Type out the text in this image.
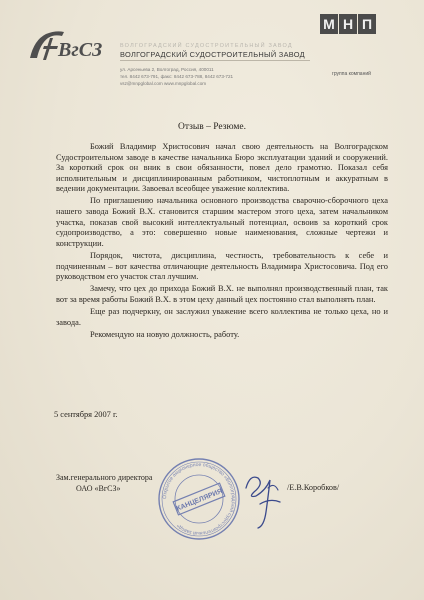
ВгСЗ	ВОЛГОГРАДСКИЙ СУДОСТРОИТЕЛЬНЫЙ ЗАВОД
ВОЛГОГРАДСКИЙ СУДОСТРОИТЕЛЬНЫЙ ЗАВОД
ул. Арсеньева 2, Волгоград, Россия, 400011
тел. 8442 673-791, факс: 8442 673-788, 8442 673-721
vsz@mnpglobal.com www.mnpglobal.com
М Н П
группа компаний
Отзыв – Резюме.

Божий Владимир Христосович начал свою деятельность на Волгоградском Судостроительном заводе в качестве начальника Бюро эксплуатации зданий и сооружений. За короткий срок он вник в свои обязанности, повел дело грамотно. Показал себя исполнительным и дисциплинированным работником, чистоплотным и аккуратным в ведении документации. Завоевал всеобщее уважение коллектива.

По приглашению начальника основного производства сварочно-сборочного цеха нашего завода Божий В.Х. становится старшим мастером этого цеха, затем начальником участка, показав свой высокий интеллектуальный потенциал, освоив за короткий срок судопроизводство, а это: совершенно новые наименования, сложные чертежи и конструкции.

Порядок, чистота, дисциплина, честность, требовательность к себе и подчиненным – вот качества отличающие деятельность Владимира Христосовича. Под его руководством его участок стал лучшим.

Замечу, что цех до прихода Божий В.Х. не выполнял производственный план, так вот за время работы Божий В.Х. в этом цеху данный цех постоянно стал выполнять план.

Еще раз подчеркну, он заслужил уважение всего коллектива не только цеха, но и завода.

Рекомендую на новую должность, работу.

5 сентября 2007 г.
Зам.генерального директора
ОАО «ВгСЗ»
Открытое акционерное общество «Волгоградский судостроительный завод»
КАНЦЕЛЯРИЯ
/Е.В.Коробков/
